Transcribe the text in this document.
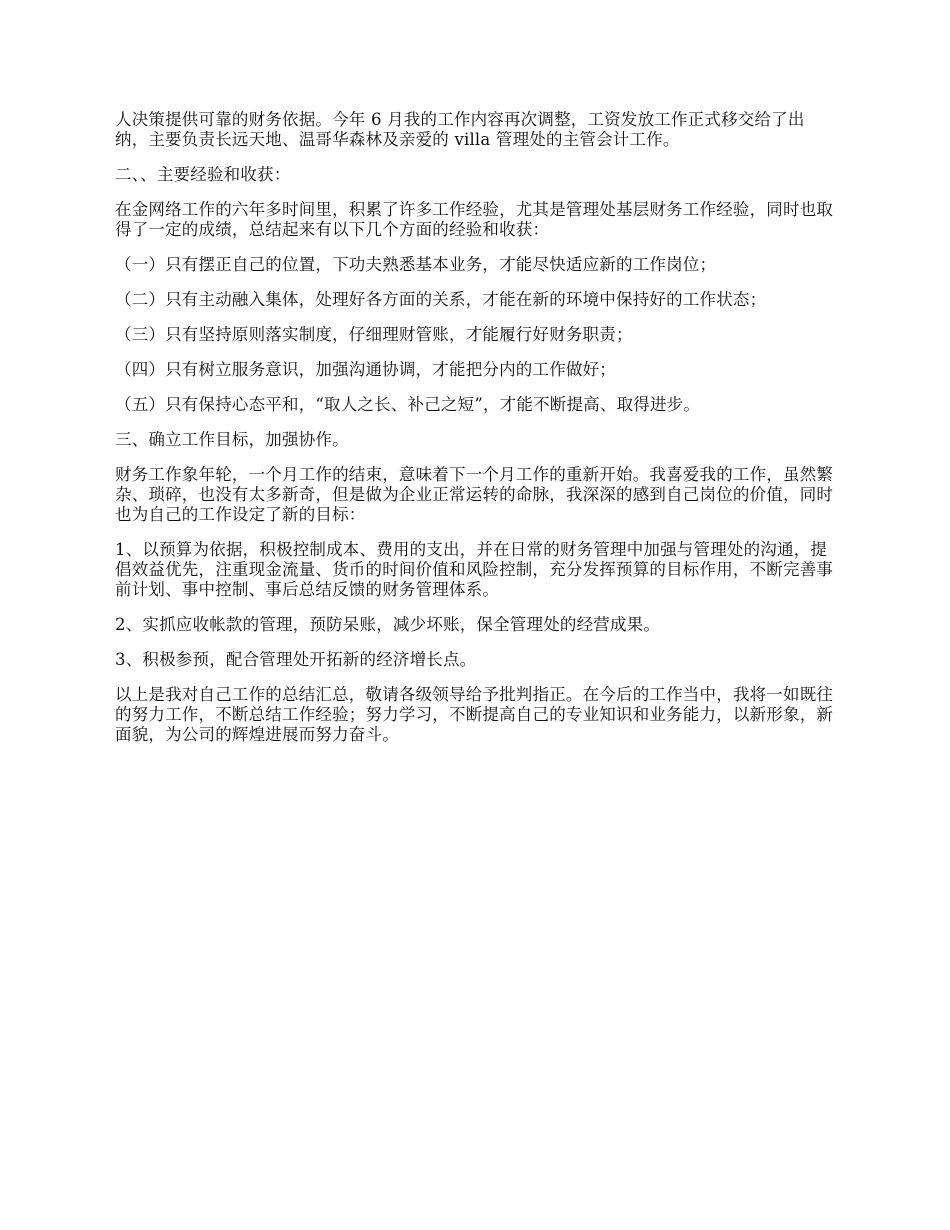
人决策提供可靠的财务依据。今年 6 月我的工作内容再次调整，工资发放工作正式移交给了出纳，主要负责长远天地、温哥华森林及亲爱的 villa 管理处的主管会计工作。

二、、主要经验和收获：

在金网络工作的六年多时间里，积累了许多工作经验，尤其是管理处基层财务工作经验，同时也取得了一定的成绩，总结起来有以下几个方面的经验和收获：

（一）只有摆正自己的位置，下功夫熟悉基本业务，才能尽快适应新的工作岗位；

（二）只有主动融入集体，处理好各方面的关系，才能在新的环境中保持好的工作状态；

（三）只有坚持原则落实制度，仔细理财管账，才能履行好财务职责；

（四）只有树立服务意识，加强沟通协调，才能把分内的工作做好；

（五）只有保持心态平和，“取人之长、补己之短”，才能不断提高、取得进步。

三、确立工作目标，加强协作。

财务工作象年轮，一个月工作的结束，意味着下一个月工作的重新开始。我喜爱我的工作，虽然繁杂、琐碎，也没有太多新奇，但是做为企业正常运转的命脉，我深深的感到自己岗位的价值，同时也为自己的工作设定了新的目标：

1、以预算为依据，积极控制成本、费用的支出，并在日常的财务管理中加强与管理处的沟通，提倡效益优先，注重现金流量、货币的时间价值和风险控制，充分发挥预算的目标作用，不断完善事前计划、事中控制、事后总结反馈的财务管理体系。

2、实抓应收帐款的管理，预防呆账，减少坏账，保全管理处的经营成果。

3、积极参预，配合管理处开拓新的经济增长点。

以上是我对自己工作的总结汇总，敬请各级领导给予批判指正。在今后的工作当中，我将一如既往的努力工作，不断总结工作经验；努力学习，不断提高自己的专业知识和业务能力，以新形象，新面貌，为公司的辉煌进展而努力奋斗。
